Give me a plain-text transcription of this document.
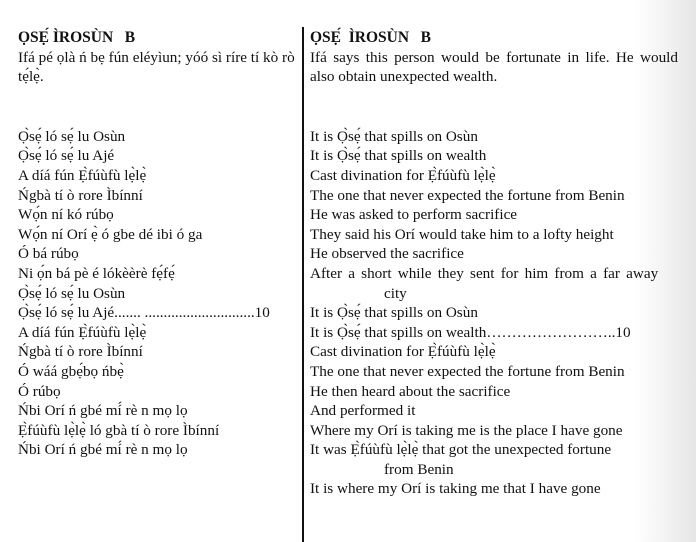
ỌSẸ́ ÌROSÙN   B

Ifá pé ọlà ń bẹ fún eléyìun; yóó sì ríre tí kò rò tẹ́lẹ̀.

Ọ̀sẹ́ ló sẹ́ lu Osùn
Ọ̀sẹ́ ló sẹ́ lu Ajé
A díá fún Ẹ̀fúùfù lẹ̀lẹ̀
Ńgbà tí ò rore Ìbínní
Wọ́n ní kó rúbọ
Wọ́n ní Orí ẹ̀ ó gbe dé ibi ó ga
Ó bá rúbọ
Ni ọ́n bá pè é lókèèrè fẹ́fẹ́
Ọ̀sẹ́ ló sẹ́ lu Osùn
Ọ̀sẹ́ ló sẹ́ lu Ajé....... .............................10
A díá fún Ẹ̀fúùfù lẹ̀lẹ̀
Ńgbà tí ò rore Ìbínní
Ó wáá gbẹ́bọ ńbẹ̀
Ó rúbọ
Ńbi Orí ń gbé mí́ rè n mọ lọ
Ẹ̀fúùfù lẹ̀lẹ̀ ló gbà tí ò rore Ìbínní
Ńbi Orí ń gbé mí́ rè n mọ lọ
ỌSẸ́  ÌROSÙN   B

Ifá says this person would be fortunate in life. He would also obtain unexpected wealth.

It is Ọ̀sẹ́ that spills on Osùn
It is Ọ̀sẹ́ that spills on wealth
Cast divination for Ẹ̀fúùfù lẹ̀lẹ̀
The one that never expected the fortune from Benin
He was asked to perform sacrifice
They said his Orí would take him to a lofty height
He observed the sacrifice
After a short while they sent for him from a far away
city
It is Ọ̀sẹ́ that spills on Osùn
It is Ọ̀sẹ́ that spills on wealth……………………..10
Cast divination for Ẹ̀fúùfù lẹ̀lẹ̀
The one that never expected the fortune from Benin
He then heard about the sacrifice
And performed it
Where my Orí is taking me is the place I have gone
It was Ẹ̀fúùfù lẹ̀lẹ̀ that got the unexpected fortune
from Benin
It is where my Orí is taking me that I have gone
